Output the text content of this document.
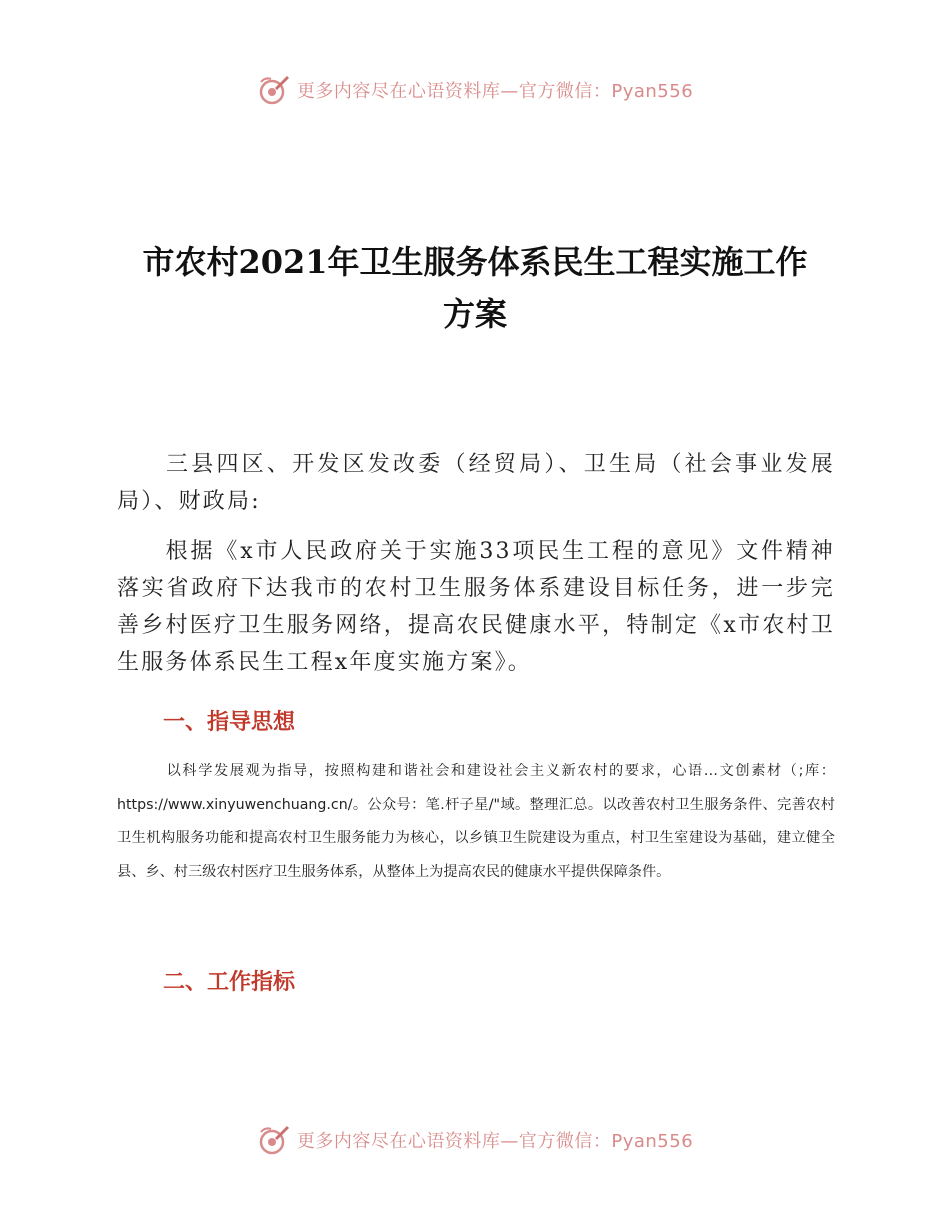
更多内容尽在心语资料库—官方微信：Pyan556
市农村2021年卫生服务体系民生工程实施工作
方案

三县四区、开发区发改委（经贸局）、卫生局（社会事业发展局）、财政局:

根据《x市人民政府关于实施33项民生工程的意见》文件精神落实省政府下达我市的农村卫生服务体系建设目标任务，进一步完善乡村医疗卫生服务网络，提高农民健康水平，特制定《x市农村卫生服务体系民生工程x年度实施方案》。

一、指导思想

以科学发展观为指导，按照构建和谐社会和建设社会主义新农村的要求，心语…文创素材（;库：https://www.xinyuwenchuang.cn/。公众号：笔.杆子星/"域。整理汇总。以改善农村卫生服务条件、完善农村卫生机构服务功能和提高农村卫生服务能力为核心，以乡镇卫生院建设为重点，村卫生室建设为基础，建立健全县、乡、村三级农村医疗卫生服务体系，从整体上为提高农民的健康水平提供保障条件。

二、工作指标
更多内容尽在心语资料库—官方微信：Pyan556
